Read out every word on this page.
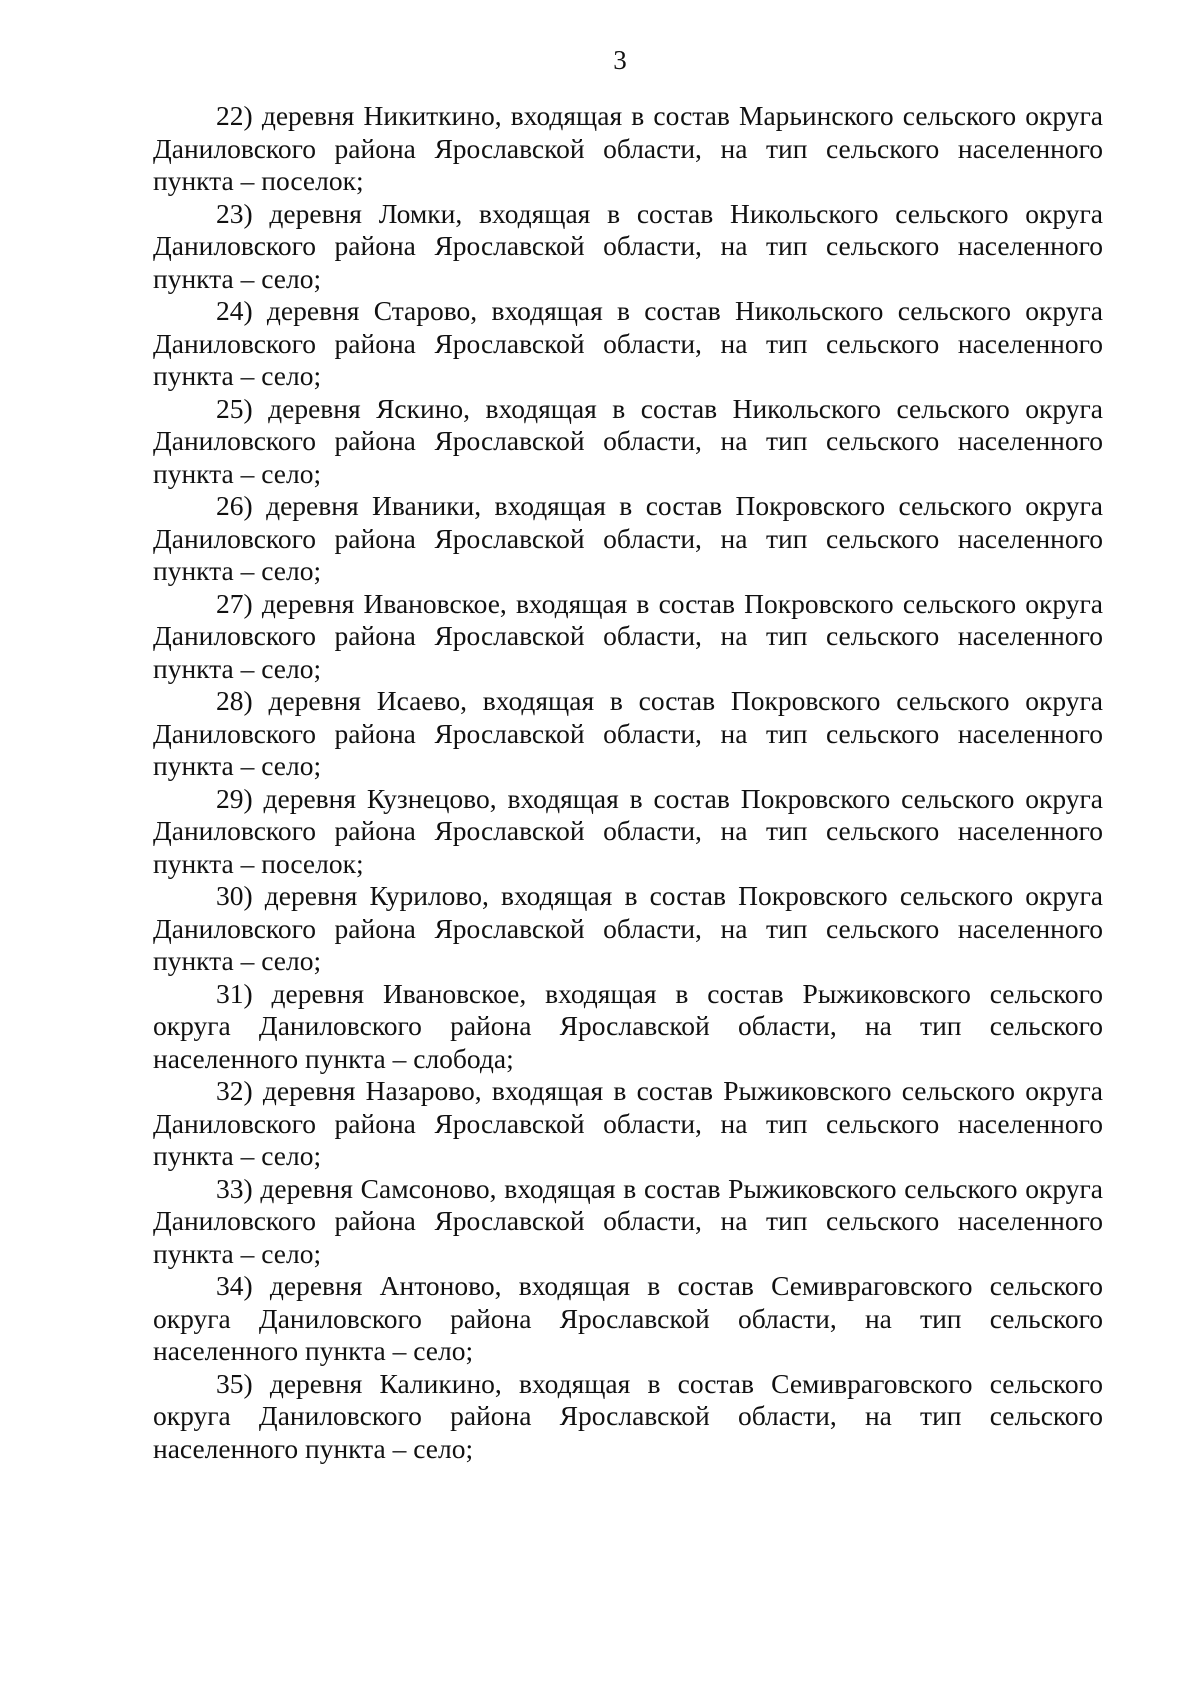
3
22) деревня Никиткино, входящая в состав Марьинского сельского округа Даниловского района Ярославской области, на тип сельского населенного пункта – поселок;
23) деревня Ломки, входящая в состав Никольского сельского округа Даниловского района Ярославской области, на тип сельского населенного пункта – село;
24) деревня Старово, входящая в состав Никольского сельского округа Даниловского района Ярославской области, на тип сельского населенного пункта – село;
25) деревня Яскино, входящая в состав Никольского сельского округа Даниловского района Ярославской области, на тип сельского населенного пункта – село;
26) деревня Иваники, входящая в состав Покровского сельского округа Даниловского района Ярославской области, на тип сельского населенного пункта – село;
27) деревня Ивановское, входящая в состав Покровского сельского округа Даниловского района Ярославской области, на тип сельского населенного пункта – село;
28) деревня Исаево, входящая в состав Покровского сельского округа Даниловского района Ярославской области, на тип сельского населенного пункта – село;
29) деревня Кузнецово, входящая в состав Покровского сельского округа Даниловского района Ярославской области, на тип сельского населенного пункта – поселок;
30) деревня Курилово, входящая в состав Покровского сельского округа Даниловского района Ярославской области, на тип сельского населенного пункта – село;
31) деревня Ивановское, входящая в состав Рыжиковского сельского округа Даниловского района Ярославской области, на тип сельского населенного пункта – слобода;
32) деревня Назарово, входящая в состав Рыжиковского сельского округа Даниловского района Ярославской области, на тип сельского населенного пункта – село;
33) деревня Самсоново, входящая в состав Рыжиковского сельского округа Даниловского района Ярославской области, на тип сельского населенного пункта – село;
34) деревня Антоново, входящая в состав Семивраговского сельского округа Даниловского района Ярославской области, на тип сельского населенного пункта – село;
35) деревня Каликино, входящая в состав Семивраговского сельского округа Даниловского района Ярославской области, на тип сельского населенного пункта – село;
